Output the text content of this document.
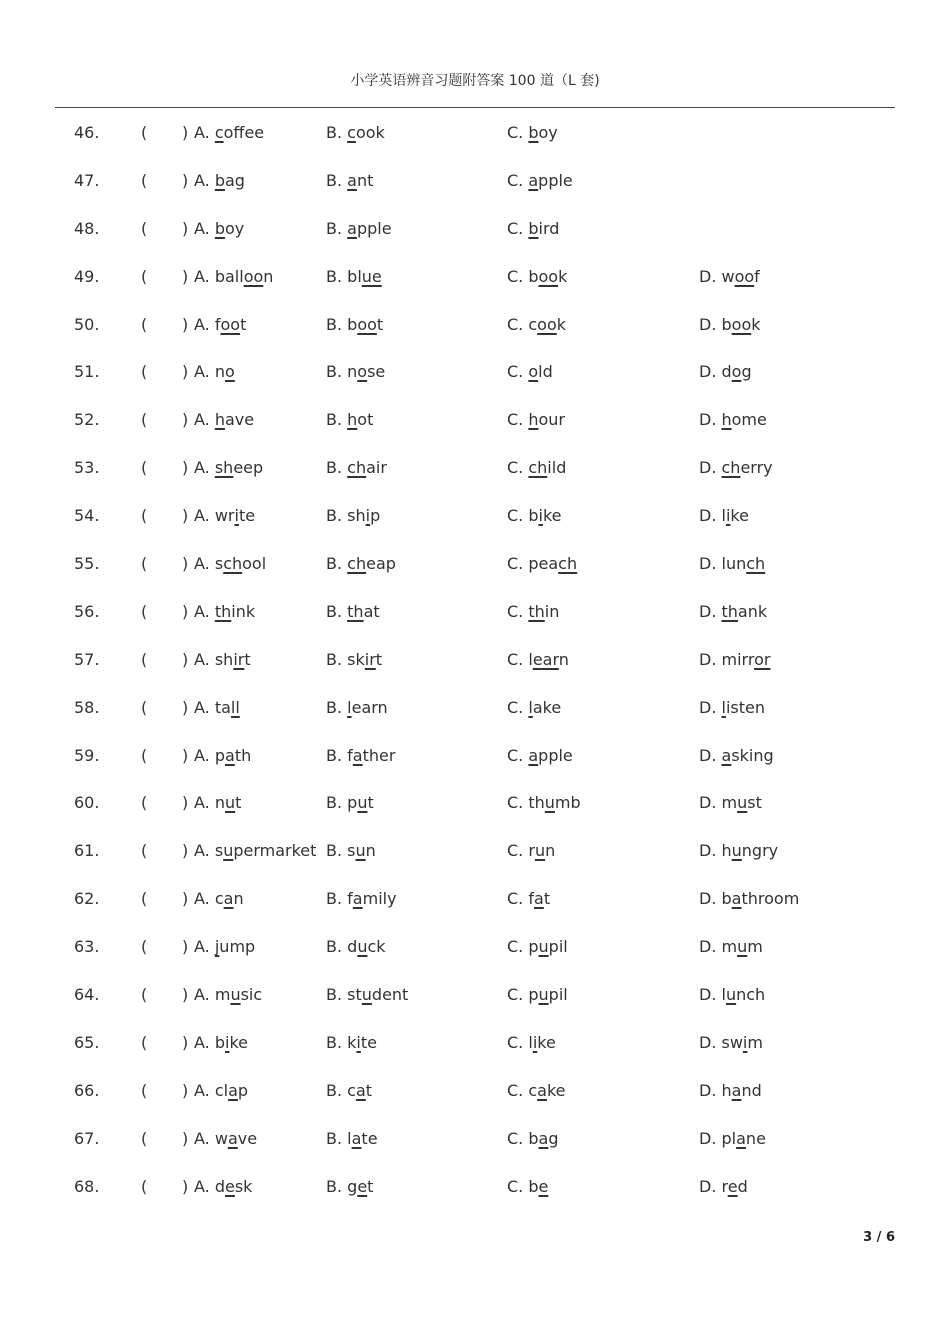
小学英语辨音习题附答案 100 道（L 套)
46.	( ) A. coffee	B. cook	C. boy
47.	( ) A. bag	B. ant	C. apple
48.	( ) A. boy	B. apple	C. bird
49.	( ) A. balloon	B. blue	C. book	D. woof
50.	( ) A. foot	B. boot	C. cook	D. book
51.	( ) A. no	B. nose	C. old	D. dog
52.	( ) A. have	B. hot	C. hour	D. home
53.	( ) A. sheep	B. chair	C. child	D. cherry
54.	( ) A. write	B. ship	C. bike	D. like
55.	( ) A. school	B. cheap	C. peach	D. lunch
56.	( ) A. think	B. that	C. thin	D. thank
57.	( ) A. shirt	B. skirt	C. learn	D. mirror
58.	( ) A. tall	B. learn	C. lake	D. listen
59.	( ) A. path	B. father	C. apple	D. asking
60.	( ) A. nut	B. put	C. thumb	D. must
61.	( ) A. supermarket B. sun	C. run	D. hungry
62.	( ) A. can	B. family	C. fat	D. bathroom
63.	( ) A. jump	B. duck	C. pupil	D. mum
64.	( ) A. music	B. student	C. pupil	D. lunch
65.	( ) A. bike	B. kite	C. like	D. swim
66.	( ) A. clap	B. cat	C. cake	D. hand
67.	( ) A. wave	B. late	C. bag	D. plane
68.	( ) A. desk	B. get	C. be	D. red
3 / 6
